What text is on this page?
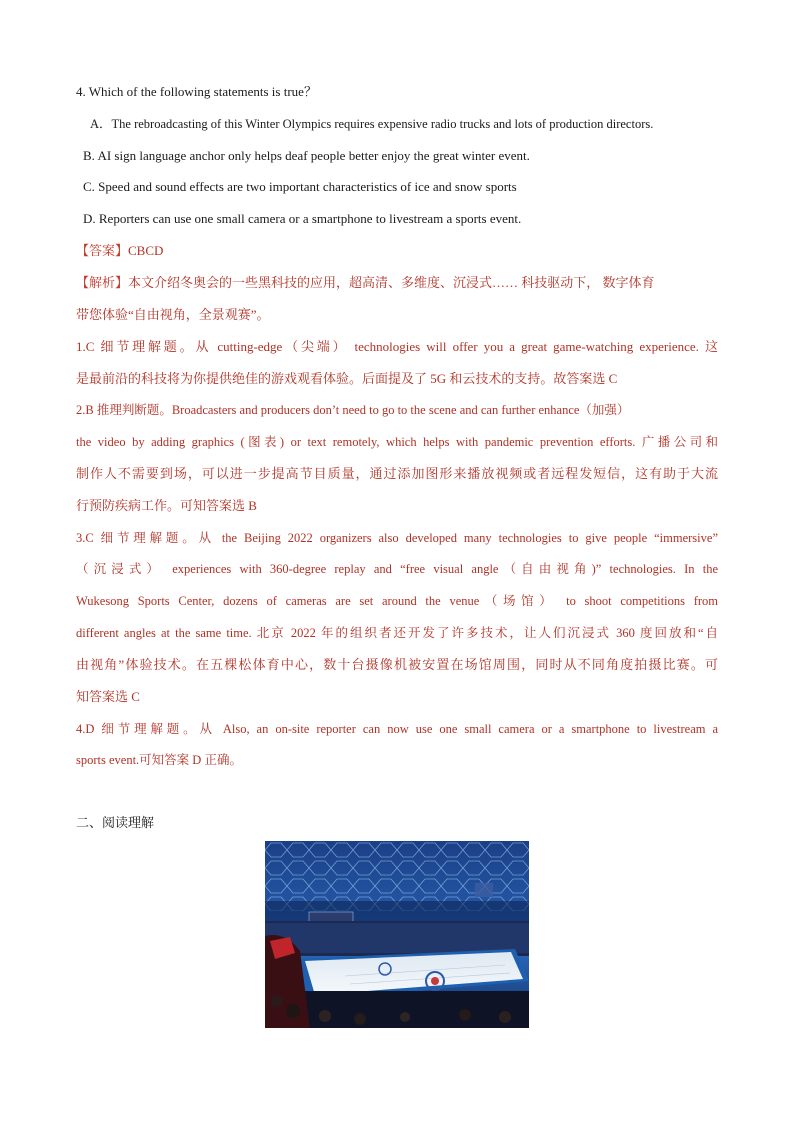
4. Which of the following statements is true？
A．The rebroadcasting of this Winter Olympics requires expensive radio trucks and lots of production directors.
B. AI sign language anchor only helps deaf people better enjoy the great winter event.
C. Speed and sound effects are two important characteristics of ice and snow sports
D. Reporters can use one small camera or a smartphone to livestream a sports event.
【答案】CBCD
【解析】本文介绍冬奥会的一些黑科技的应用，超高清、多维度、沉浸式…… 科技驱动下， 数字体育
带您体验“自由视角，全景观赛”。
1.C 细节理解题。从 cutting-edge（尖端） technologies will offer you a great game-watching experience. 这
是最前沿的科技将为你提供绝佳的游戏观看体验。后面提及了 5G 和云技术的支持。故答案选 C
2.B 推理判断题。Broadcasters and producers don’t need to go to the scene and can further enhance（加强）
the video by adding graphics (图表) or text remotely, which helps with pandemic prevention efforts. 广播公司和
制作人不需要到场，可以进一步提高节目质量，通过添加图形来播放视频或者远程发短信，这有助于大流
行预防疾病工作。可知答案选 B
3.C 细节理解题。从 the Beijing 2022 organizers also developed many technologies to give people “immersive”
（沉浸式） experiences with 360-degree replay and “free visual angle（自由视角)” technologies. In the
Wukesong Sports Center, dozens of cameras are set around the venue（场馆） to shoot competitions from
different angles at the same time. 北京 2022 年的组织者还开发了许多技术，让人们沉浸式 360 度回放和“自
由视角”体验技术。在五棵松体育中心，数十台摄像机被安置在场馆周围，同时从不同角度拍摄比赛。可
知答案选 C
4.D 细节理解题。从 Also, an on-site reporter can now use one small camera or a smartphone to livestream a
sports event.可知答案 D 正确。
二、阅读理解
